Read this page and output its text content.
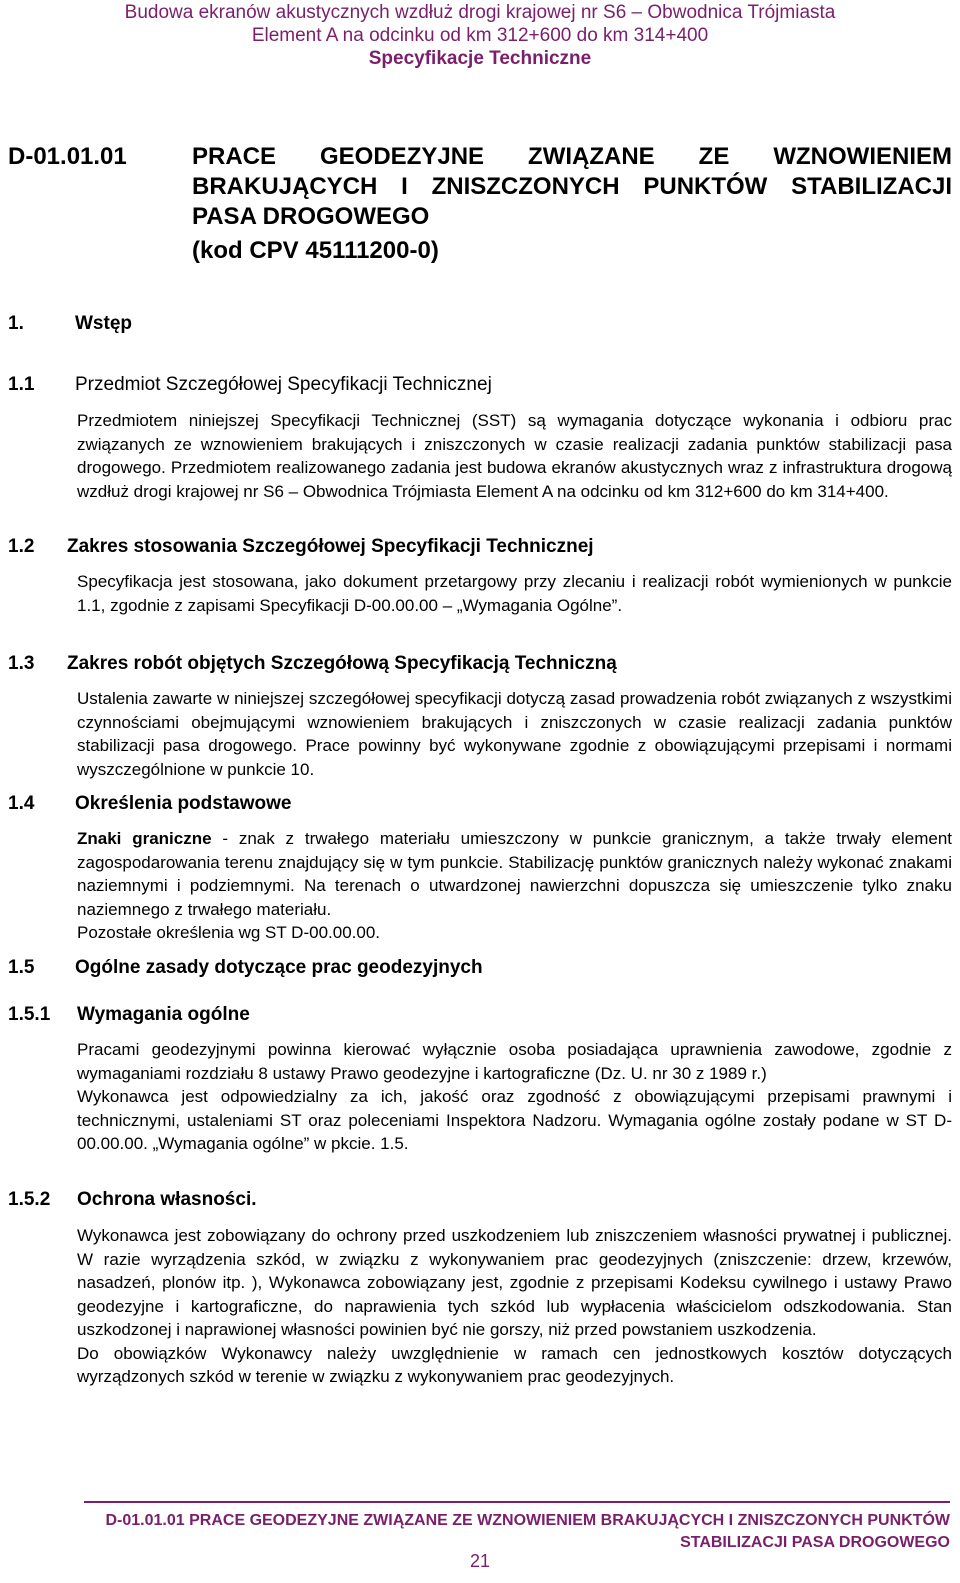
Budowa ekranów akustycznych wzdłuż drogi krajowej nr S6 – Obwodnica Trójmiasta
Element A na odcinku od km 312+600 do km 314+400
Specyfikacje Techniczne
D-01.01.01	PRACE GEODEZYJNE ZWIĄZANE ZE WZNOWIENIEM
BRAKUJĄCYCH I ZNISZCZONYCH PUNKTÓW STABILIZACJI
PASA DROGOWEGO
(kod CPV 45111200-0)
1.	Wstęp
1.1 Przedmiot Szczegółowej Specyfikacji Technicznej
Przedmiotem niniejszej Specyfikacji Technicznej (SST) są wymagania dotyczące wykonania i odbioru prac związanych ze wznowieniem brakujących i zniszczonych w czasie realizacji zadania punktów stabilizacji pasa drogowego. Przedmiotem realizowanego zadania jest budowa ekranów akustycznych wraz z infrastruktura drogową wzdłuż drogi krajowej nr S6 – Obwodnica Trójmiasta Element A na odcinku od km 312+600 do km 314+400.
1.2 Zakres stosowania Szczegółowej Specyfikacji Technicznej
Specyfikacja jest stosowana, jako dokument przetargowy przy zlecaniu i realizacji robót wymienionych w punkcie 1.1, zgodnie z zapisami Specyfikacji D-00.00.00 – „Wymagania Ogólne”.
1.3 Zakres robót objętych Szczegółową Specyfikacją Techniczną
Ustalenia zawarte w niniejszej szczegółowej specyfikacji dotyczą zasad prowadzenia robót związanych z wszystkimi czynnościami obejmującymi wznowieniem brakujących i zniszczonych w czasie realizacji zadania punktów stabilizacji pasa drogowego. Prace powinny być wykonywane zgodnie z obowiązującymi przepisami i normami wyszczególnione w punkcie 10.
1.4 Określenia podstawowe

Znaki graniczne - znak z trwałego materiału umieszczony w punkcie granicznym, a także trwały element zagospodarowania terenu znajdujący się w tym punkcie. Stabilizację punktów granicznych należy wykonać znakami naziemnymi i podziemnymi. Na terenach o utwardzonej nawierzchni dopuszcza się umieszczenie tylko znaku naziemnego z trwałego materiału.

Pozostałe określenia wg ST D-00.00.00.

1.5 Ogólne zasady dotyczące prac geodezyjnych
1.5.1 Wymagania ogólne

Pracami geodezyjnymi powinna kierować wyłącznie osoba posiadająca uprawnienia zawodowe, zgodnie z wymaganiami rozdziału 8 ustawy Prawo geodezyjne i kartograficzne (Dz. U. nr 30 z 1989 r.)

Wykonawca jest odpowiedzialny za ich, jakość oraz zgodność z obowiązującymi przepisami prawnymi i technicznymi, ustaleniami ST oraz poleceniami Inspektora Nadzoru. Wymagania ogólne zostały podane w ST D-00.00.00. „Wymagania ogólne” w pkcie. 1.5.

1.5.2 Ochrona własności.

Wykonawca jest zobowiązany do ochrony przed uszkodzeniem lub zniszczeniem własności prywatnej i publicznej. W razie wyrządzenia szkód, w związku z wykonywaniem prac geodezyjnych (zniszczenie: drzew, krzewów, nasadzeń, plonów itp. ), Wykonawca zobowiązany jest, zgodnie z przepisami Kodeksu cywilnego i ustawy Prawo geodezyjne i kartograficzne, do naprawienia tych szkód lub wypłacenia właścicielom odszkodowania. Stan uszkodzonej i naprawionej własności powinien być nie gorszy, niż przed powstaniem uszkodzenia.

Do obowiązków Wykonawcy należy uwzględnienie w ramach cen jednostkowych kosztów dotyczących wyrządzonych szkód w terenie w związku z wykonywaniem prac geodezyjnych.

D-01.01.01 PRACE GEODEZYJNE ZWIĄZANE ZE WZNOWIENIEM BRAKUJĄCYCH I ZNISZCZONYCH PUNKTÓW
STABILIZACJI PASA DROGOWEGO
21
